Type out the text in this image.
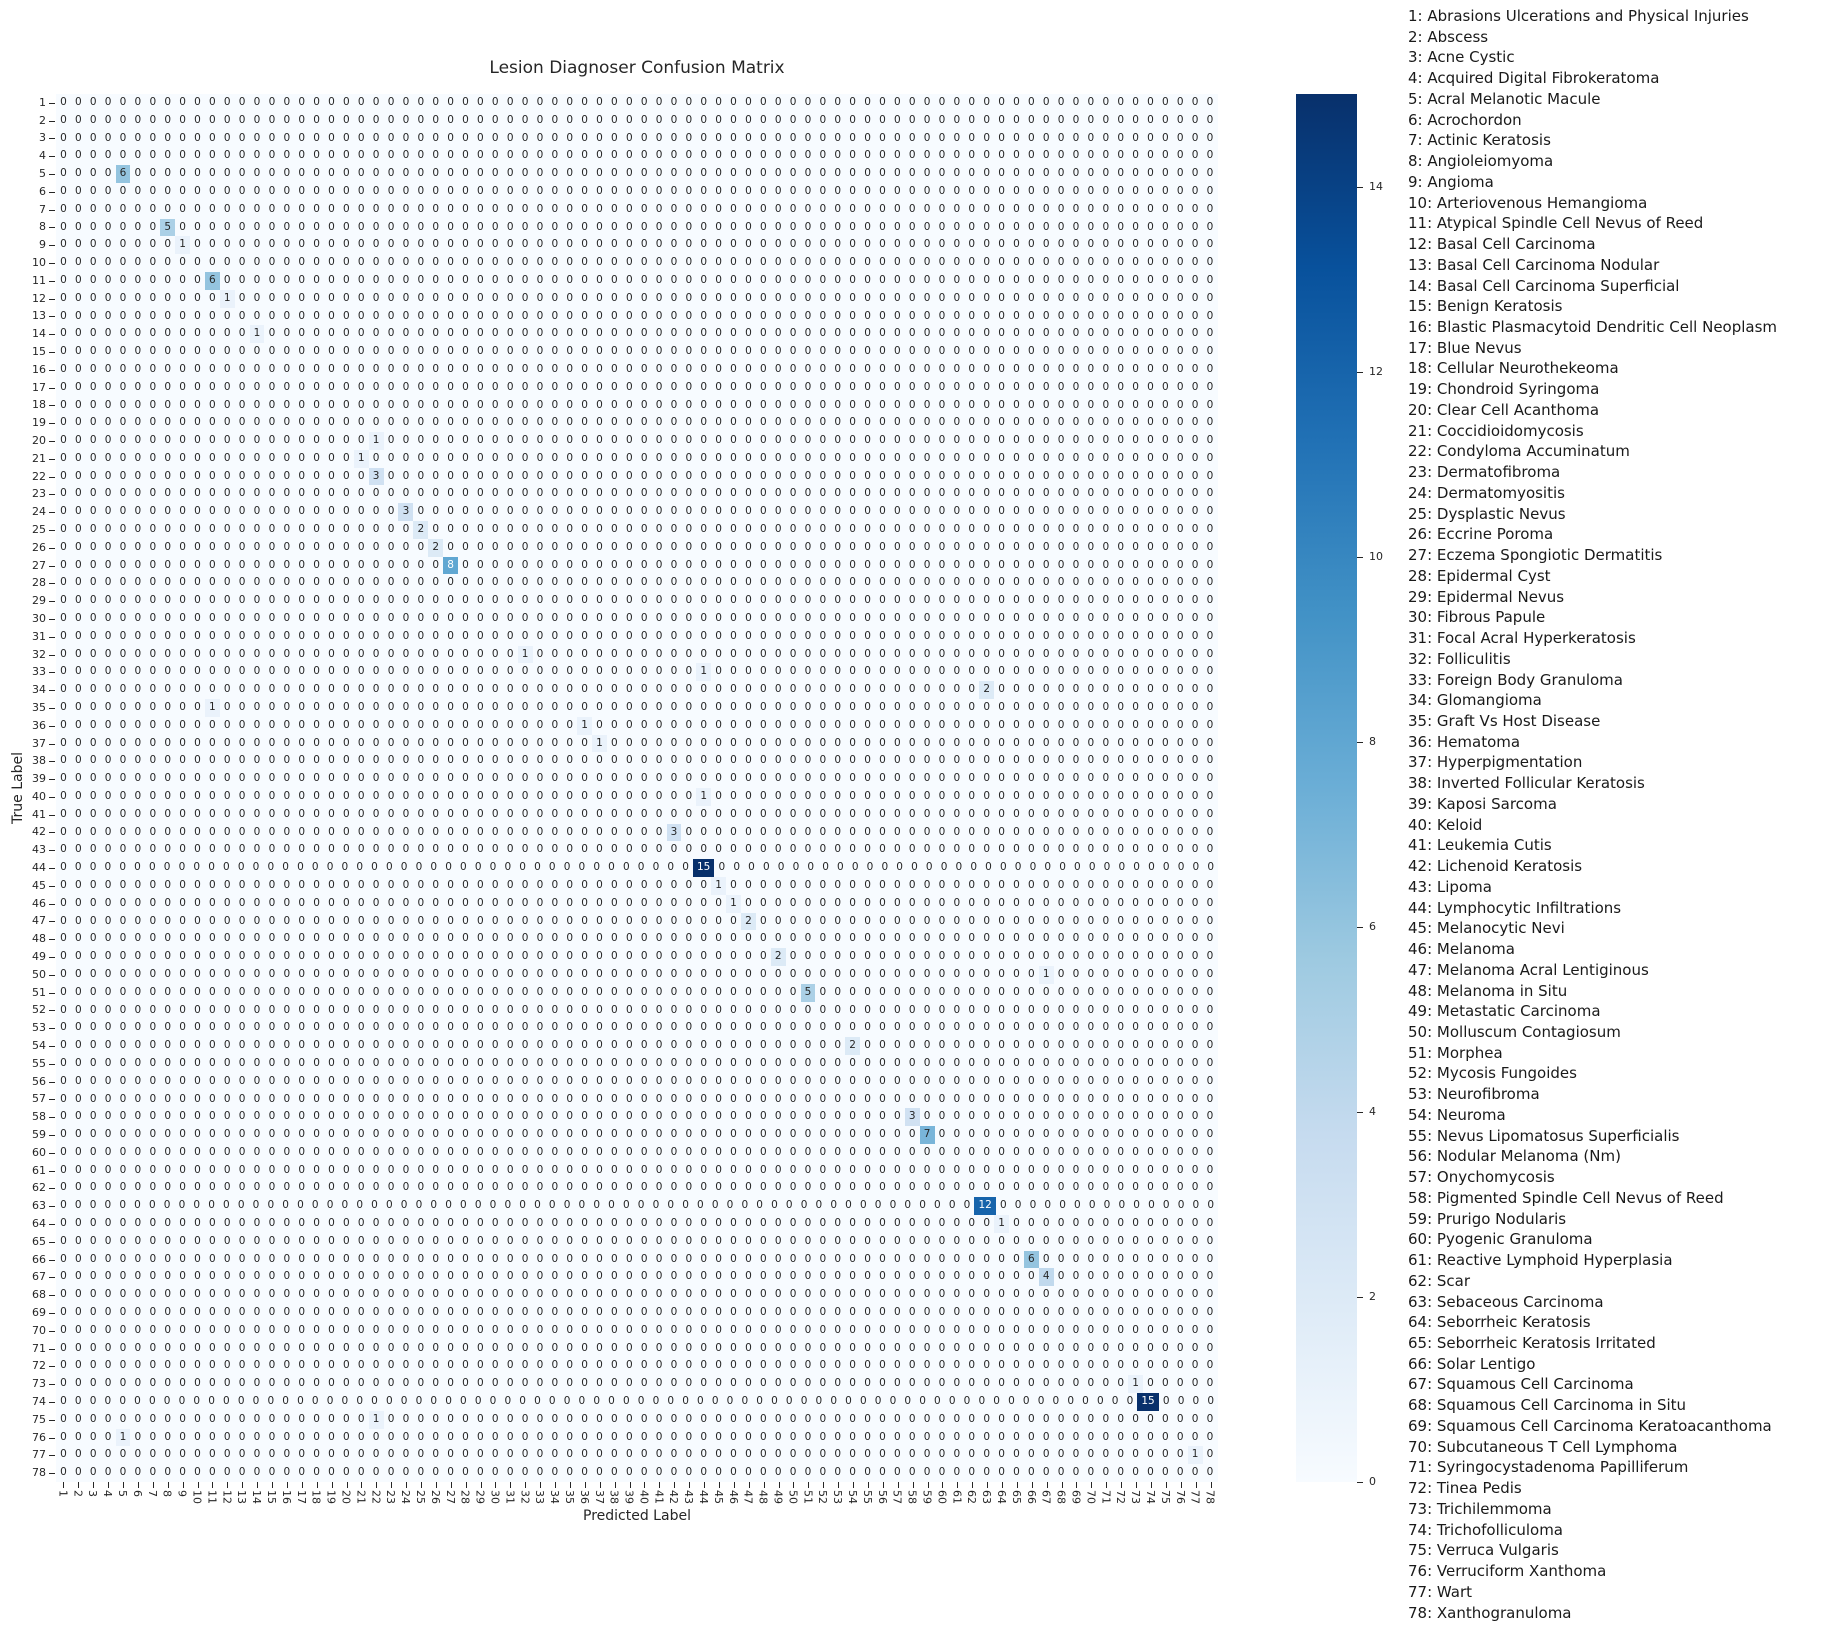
Lesion Diagnoser Confusion Matrix
True Label
0 0 0 0 0 0 0 0 0 0 0 0 0 0 0 0 0 0 0 0 0 0 0 0 0 0 0 0 0 0 0 0 0 0 0 0 0 0 0 0 0 0 0 0 0 0 0 0 0 0 0 0 0 0 0 0 0 0 0 0 0 0 0 0 0 0 0 0 0 0 0 0 0 0 0 0 0 0
0 0 0 0 0 0 0 0 0 0 0 0 0 0 0 0 0 0 0 0 0 0 0 0 0 0 0 0 0 0 0 0 0 0 0 0 0 0 0 0 0 0 0 0 0 0 0 0 0 0 0 0 0 0 0 0 0 0 0 0 0 0 0 0 0 0 0 0 0 0 0 0 0 0 0 0 0 0
0 0 0 0 0 0 0 0 0 0 0 0 0 0 0 0 0 0 0 0 0 0 0 0 0 0 0 0 0 0 0 0 0 0 0 0 0 0 0 0 0 0 0 0 0 0 0 0 0 0 0 0 0 0 0 0 0 0 0 0 0 0 0 0 0 0 0 0 0 0 0 0 0 0 0 0 0 0
0 0 0 0 0 0 0 0 0 0 0 0 0 0 0 0 0 0 0 0 0 0 0 0 0 0 0 0 0 0 0 0 0 0 0 0 0 0 0 0 0 0 0 0 0 0 0 0 0 0 0 0 0 0 0 0 0 0 0 0 0 0 0 0 0 0 0 0 0 0 0 0 0 0 0 0 0 0
0 0 0 0 6 0 0 0 0 0 0 0 0 0 0 0 0 0 0 0 0 0 0 0 0 0 0 0 0 0 0 0 0 0 0 0 0 0 0 0 0 0 0 0 0 0 0 0 0 0 0 0 0 0 0 0 0 0 0 0 0 0 0 0 0 0 0 0 0 0 0 0 0 0 0 0 0 0
0 0 0 0 0 0 0 0 0 0 0 0 0 0 0 0 0 0 0 0 0 0 0 0 0 0 0 0 0 0 0 0 0 0 0 0 0 0 0 0 0 0 0 0 0 0 0 0 0 0 0 0 0 0 0 0 0 0 0 0 0 0 0 0 0 0 0 0 0 0 0 0 0 0 0 0 0 0
0 0 0 0 0 0 0 0 0 0 0 0 0 0 0 0 0 0 0 0 0 0 0 0 0 0 0 0 0 0 0 0 0 0 0 0 0 0 0 0 0 0 0 0 0 0 0 0 0 0 0 0 0 0 0 0 0 0 0 0 0 0 0 0 0 0 0 0 0 0 0 0 0 0 0 0 0 0
0 0 0 0 0 0 0 5 0 0 0 0 0 0 0 0 0 0 0 0 0 0 0 0 0 0 0 0 0 0 0 0 0 0 0 0 0 0 0 0 0 0 0 0 0 0 0 0 0 0 0 0 0 0 0 0 0 0 0 0 0 0 0 0 0 0 0 0 0 0 0 0 0 0 0 0 0 0
0 0 0 0 0 0 0 0 1 0 0 0 0 0 0 0 0 0 0 0 0 0 0 0 0 0 0 0 0 0 0 0 0 0 0 0 0 0 0 0 0 0 0 0 0 0 0 0 0 0 0 0 0 0 0 0 0 0 0 0 0 0 0 0 0 0 0 0 0 0 0 0 0 0 0 0 0 0
0 0 0 0 0 0 0 0 0 0 0 0 0 0 0 0 0 0 0 0 0 0 0 0 0 0 0 0 0 0 0 0 0 0 0 0 0 0 0 0 0 0 0 0 0 0 0 0 0 0 0 0 0 0 0 0 0 0 0 0 0 0 0 0 0 0 0 0 0 0 0 0 0 0 0 0 0 0
0 0 0 0 0 0 0 0 0 0 6 0 0 0 0 0 0 0 0 0 0 0 0 0 0 0 0 0 0 0 0 0 0 0 0 0 0 0 0 0 0 0 0 0 0 0 0 0 0 0 0 0 0 0 0 0 0 0 0 0 0 0 0 0 0 0 0 0 0 0 0 0 0 0 0 0 0 0
0 0 0 0 0 0 0 0 0 0 0 1 0 0 0 0 0 0 0 0 0 0 0 0 0 0 0 0 0 0 0 0 0 0 0 0 0 0 0 0 0 0 0 0 0 0 0 0 0 0 0 0 0 0 0 0 0 0 0 0 0 0 0 0 0 0 0 0 0 0 0 0 0 0 0 0 0 0
0 0 0 0 0 0 0 0 0 0 0 0 0 0 0 0 0 0 0 0 0 0 0 0 0 0 0 0 0 0 0 0 0 0 0 0 0 0 0 0 0 0 0 0 0 0 0 0 0 0 0 0 0 0 0 0 0 0 0 0 0 0 0 0 0 0 0 0 0 0 0 0 0 0 0 0 0 0
0 0 0 0 0 0 0 0 0 0 0 0 0 1 0 0 0 0 0 0 0 0 0 0 0 0 0 0 0 0 0 0 0 0 0 0 0 0 0 0 0 0 0 0 0 0 0 0 0 0 0 0 0 0 0 0 0 0 0 0 0 0 0 0 0 0 0 0 0 0 0 0 0 0 0 0 0 0
0 0 0 0 0 0 0 0 0 0 0 0 0 0 0 0 0 0 0 0 0 0 0 0 0 0 0 0 0 0 0 0 0 0 0 0 0 0 0 0 0 0 0 0 0 0 0 0 0 0 0 0 0 0 0 0 0 0 0 0 0 0 0 0 0 0 0 0 0 0 0 0 0 0 0 0 0 0
0 0 0 0 0 0 0 0 0 0 0 0 0 0 0 0 0 0 0 0 0 0 0 0 0 0 0 0 0 0 0 0 0 0 0 0 0 0 0 0 0 0 0 0 0 0 0 0 0 0 0 0 0 0 0 0 0 0 0 0 0 0 0 0 0 0 0 0 0 0 0 0 0 0 0 0 0 0
0 0 0 0 0 0 0 0 0 0 0 0 0 0 0 0 0 0 0 0 0 0 0 0 0 0 0 0 0 0 0 0 0 0 0 0 0 0 0 0 0 0 0 0 0 0 0 0 0 0 0 0 0 0 0 0 0 0 0 0 0 0 0 0 0 0 0 0 0 0 0 0 0 0 0 0 0 0
0 0 0 0 0 0 0 0 0 0 0 0 0 0 0 0 0 0 0 0 0 0 0 0 0 0 0 0 0 0 0 0 0 0 0 0 0 0 0 0 0 0 0 0 0 0 0 0 0 0 0 0 0 0 0 0 0 0 0 0 0 0 0 0 0 0 0 0 0 0 0 0 0 0 0 0 0 0
0 0 0 0 0 0 0 0 0 0 0 0 0 0 0 0 0 0 0 0 0 0 0 0 0 0 0 0 0 0 0 0 0 0 0 0 0 0 0 0 0 0 0 0 0 0 0 0 0 0 0 0 0 0 0 0 0 0 0 0 0 0 0 0 0 0 0 0 0 0 0 0 0 0 0 0 0 0
0 0 0 0 0 0 0 0 0 0 0 0 0 0 0 0 0 0 0 0 0 1 0 0 0 0 0 0 0 0 0 0 0 0 0 0 0 0 0 0 0 0 0 0 0 0 0 0 0 0 0 0 0 0 0 0 0 0 0 0 0 0 0 0 0 0 0 0 0 0 0 0 0 0 0 0 0 0
0 0 0 0 0 0 0 0 0 0 0 0 0 0 0 0 0 0 0 0 1 0 0 0 0 0 0 0 0 0 0 0 0 0 0 0 0 0 0 0 0 0 0 0 0 0 0 0 0 0 0 0 0 0 0 0 0 0 0 0 0 0 0 0 0 0 0 0 0 0 0 0 0 0 0 0 0 0
0 0 0 0 0 0 0 0 0 0 0 0 0 0 0 0 0 0 0 0 0 3 0 0 0 0 0 0 0 0 0 0 0 0 0 0 0 0 0 0 0 0 0 0 0 0 0 0 0 0 0 0 0 0 0 0 0 0 0 0 0 0 0 0 0 0 0 0 0 0 0 0 0 0 0 0 0 0
0 0 0 0 0 0 0 0 0 0 0 0 0 0 0 0 0 0 0 0 0 0 0 0 0 0 0 0 0 0 0 0 0 0 0 0 0 0 0 0 0 0 0 0 0 0 0 0 0 0 0 0 0 0 0 0 0 0 0 0 0 0 0 0 0 0 0 0 0 0 0 0 0 0 0 0 0 0
0 0 0 0 0 0 0 0 0 0 0 0 0 0 0 0 0 0 0 0 0 0 0 3 0 0 0 0 0 0 0 0 0 0 0 0 0 0 0 0 0 0 0 0 0 0 0 0 0 0 0 0 0 0 0 0 0 0 0 0 0 0 0 0 0 0 0 0 0 0 0 0 0 0 0 0 0 0
0 0 0 0 0 0 0 0 0 0 0 0 0 0 0 0 0 0 0 0 0 0 0 0 2 0 0 0 0 0 0 0 0 0 0 0 0 0 0 0 0 0 0 0 0 0 0 0 0 0 0 0 0 0 0 0 0 0 0 0 0 0 0 0 0 0 0 0 0 0 0 0 0 0 0 0 0 0
0 0 0 0 0 0 0 0 0 0 0 0 0 0 0 0 0 0 0 0 0 0 0 0 0 2 0 0 0 0 0 0 0 0 0 0 0 0 0 0 0 0 0 0 0 0 0 0 0 0 0 0 0 0 0 0 0 0 0 0 0 0 0 0 0 0 0 0 0 0 0 0 0 0 0 0 0 0
0 0 0 0 0 0 0 0 0 0 0 0 0 0 0 0 0 0 0 0 0 0 0 0 0 0 8 0 0 0 0 0 0 0 0 0 0 0 0 0 0 0 0 0 0 0 0 0 0 0 0 0 0 0 0 0 0 0 0 0 0 0 0 0 0 0 0 0 0 0 0 0 0 0 0 0 0 0
0 0 0 0 0 0 0 0 0 0 0 0 0 0 0 0 0 0 0 0 0 0 0 0 0 0 0 0 0 0 0 0 0 0 0 0 0 0 0 0 0 0 0 0 0 0 0 0 0 0 0 0 0 0 0 0 0 0 0 0 0 0 0 0 0 0 0 0 0 0 0 0 0 0 0 0 0 0
0 0 0 0 0 0 0 0 0 0 0 0 0 0 0 0 0 0 0 0 0 0 0 0 0 0 0 0 0 0 0 0 0 0 0 0 0 0 0 0 0 0 0 0 0 0 0 0 0 0 0 0 0 0 0 0 0 0 0 0 0 0 0 0 0 0 0 0 0 0 0 0 0 0 0 0 0 0
0 0 0 0 0 0 0 0 0 0 0 0 0 0 0 0 0 0 0 0 0 0 0 0 0 0 0 0 0 0 0 0 0 0 0 0 0 0 0 0 0 0 0 0 0 0 0 0 0 0 0 0 0 0 0 0 0 0 0 0 0 0 0 0 0 0 0 0 0 0 0 0 0 0 0 0 0 0
0 0 0 0 0 0 0 0 0 0 0 0 0 0 0 0 0 0 0 0 0 0 0 0 0 0 0 0 0 0 0 0 0 0 0 0 0 0 0 0 0 0 0 0 0 0 0 0 0 0 0 0 0 0 0 0 0 0 0 0 0 0 0 0 0 0 0 0 0 0 0 0 0 0 0 0 0 0
0 0 0 0 0 0 0 0 0 0 0 0 0 0 0 0 0 0 0 0 0 0 0 0 0 0 0 0 0 0 0 1 0 0 0 0 0 0 0 0 0 0 0 0 0 0 0 0 0 0 0 0 0 0 0 0 0 0 0 0 0 0 0 0 0 0 0 0 0 0 0 0 0 0 0 0 0 0
0 0 0 0 0 0 0 0 0 0 0 0 0 0 0 0 0 0 0 0 0 0 0 0 0 0 0 0 0 0 0 0 0 0 0 0 0 0 0 0 0 0 0 1 0 0 0 0 0 0 0 0 0 0 0 0 0 0 0 0 0 0 0 0 0 0 0 0 0 0 0 0 0 0 0 0 0 0
0 0 0 0 0 0 0 0 0 0 0 0 0 0 0 0 0 0 0 0 0 0 0 0 0 0 0 0 0 0 0 0 0 0 0 0 0 0 0 0 0 0 0 0 0 0 0 0 0 0 0 0 0 0 0 0 0 0 0 0 0 0 2 0 0 0 0 0 0 0 0 0 0 0 0 0 0 0
0 0 0 0 0 0 0 0 0 0 1 0 0 0 0 0 0 0 0 0 0 0 0 0 0 0 0 0 0 0 0 0 0 0 0 0 0 0 0 0 0 0 0 0 0 0 0 0 0 0 0 0 0 0 0 0 0 0 0 0 0 0 0 0 0 0 0 0 0 0 0 0 0 0 0 0 0 0
0 0 0 0 0 0 0 0 0 0 0 0 0 0 0 0 0 0 0 0 0 0 0 0 0 0 0 0 0 0 0 0 0 0 0 1 0 0 0 0 0 0 0 0 0 0 0 0 0 0 0 0 0 0 0 0 0 0 0 0 0 0 0 0 0 0 0 0 0 0 0 0 0 0 0 0 0 0
0 0 0 0 0 0 0 0 0 0 0 0 0 0 0 0 0 0 0 0 0 0 0 0 0 0 0 0 0 0 0 0 0 0 0 0 1 0 0 0 0 0 0 0 0 0 0 0 0 0 0 0 0 0 0 0 0 0 0 0 0 0 0 0 0 0 0 0 0 0 0 0 0 0 0 0 0 0
0 0 0 0 0 0 0 0 0 0 0 0 0 0 0 0 0 0 0 0 0 0 0 0 0 0 0 0 0 0 0 0 0 0 0 0 0 0 0 0 0 0 0 0 0 0 0 0 0 0 0 0 0 0 0 0 0 0 0 0 0 0 0 0 0 0 0 0 0 0 0 0 0 0 0 0 0 0
0 0 0 0 0 0 0 0 0 0 0 0 0 0 0 0 0 0 0 0 0 0 0 0 0 0 0 0 0 0 0 0 0 0 0 0 0 0 0 0 0 0 0 0 0 0 0 0 0 0 0 0 0 0 0 0 0 0 0 0 0 0 0 0 0 0 0 0 0 0 0 0 0 0 0 0 0 0
0 0 0 0 0 0 0 0 0 0 0 0 0 0 0 0 0 0 0 0 0 0 0 0 0 0 0 0 0 0 0 0 0 0 0 0 0 0 0 0 0 0 0 1 0 0 0 0 0 0 0 0 0 0 0 0 0 0 0 0 0 0 0 0 0 0 0 0 0 0 0 0 0 0 0 0 0 0
0 0 0 0 0 0 0 0 0 0 0 0 0 0 0 0 0 0 0 0 0 0 0 0 0 0 0 0 0 0 0 0 0 0 0 0 0 0 0 0 0 0 0 0 0 0 0 0 0 0 0 0 0 0 0 0 0 0 0 0 0 0 0 0 0 0 0 0 0 0 0 0 0 0 0 0 0 0
0 0 0 0 0 0 0 0 0 0 0 0 0 0 0 0 0 0 0 0 0 0 0 0 0 0 0 0 0 0 0 0 0 0 0 0 0 0 0 0 0 3 0 0 0 0 0 0 0 0 0 0 0 0 0 0 0 0 0 0 0 0 0 0 0 0 0 0 0 0 0 0 0 0 0 0 0 0
0 0 0 0 0 0 0 0 0 0 0 0 0 0 0 0 0 0 0 0 0 0 0 0 0 0 0 0 0 0 0 0 0 0 0 0 0 0 0 0 0 0 0 0 0 0 0 0 0 0 0 0 0 0 0 0 0 0 0 0 0 0 0 0 0 0 0 0 0 0 0 0 0 0 0 0 0 0
0 0 0 0 0 0 0 0 0 0 0 0 0 0 0 0 0 0 0 0 0 0 0 0 0 0 0 0 0 0 0 0 0 0 0 0 0 0 0 0 0 0 0 15 0 0 0 0 0 0 0 0 0 0 0 0 0 0 0 0 0 0 0 0 0 0 0 0 0 0 0 0 0 0 0 0 0 0
0 0 0 0 0 0 0 0 0 0 0 0 0 0 0 0 0 0 0 0 0 0 0 0 0 0 0 0 0 0 0 0 0 0 0 0 0 0 0 0 0 0 0 0 1 0 0 0 0 0 0 0 0 0 0 0 0 0 0 0 0 0 0 0 0 0 0 0 0 0 0 0 0 0 0 0 0 0
0 0 0 0 0 0 0 0 0 0 0 0 0 0 0 0 0 0 0 0 0 0 0 0 0 0 0 0 0 0 0 0 0 0 0 0 0 0 0 0 0 0 0 0 0 1 0 0 0 0 0 0 0 0 0 0 0 0 0 0 0 0 0 0 0 0 0 0 0 0 0 0 0 0 0 0 0 0
0 0 0 0 0 0 0 0 0 0 0 0 0 0 0 0 0 0 0 0 0 0 0 0 0 0 0 0 0 0 0 0 0 0 0 0 0 0 0 0 0 0 0 0 0 0 2 0 0 0 0 0 0 0 0 0 0 0 0 0 0 0 0 0 0 0 0 0 0 0 0 0 0 0 0 0 0 0
0 0 0 0 0 0 0 0 0 0 0 0 0 0 0 0 0 0 0 0 0 0 0 0 0 0 0 0 0 0 0 0 0 0 0 0 0 0 0 0 0 0 0 0 0 0 0 0 0 0 0 0 0 0 0 0 0 0 0 0 0 0 0 0 0 0 0 0 0 0 0 0 0 0 0 0 0 0
0 0 0 0 0 0 0 0 0 0 0 0 0 0 0 0 0 0 0 0 0 0 0 0 0 0 0 0 0 0 0 0 0 0 0 0 0 0 0 0 0 0 0 0 0 0 0 0 2 0 0 0 0 0 0 0 0 0 0 0 0 0 0 0 0 0 0 0 0 0 0 0 0 0 0 0 0 0
0 0 0 0 0 0 0 0 0 0 0 0 0 0 0 0 0 0 0 0 0 0 0 0 0 0 0 0 0 0 0 0 0 0 0 0 0 0 0 0 0 0 0 0 0 0 0 0 0 0 0 0 0 0 0 0 0 0 0 0 0 0 0 0 0 0 1 0 0 0 0 0 0 0 0 0 0 0
0 0 0 0 0 0 0 0 0 0 0 0 0 0 0 0 0 0 0 0 0 0 0 0 0 0 0 0 0 0 0 0 0 0 0 0 0 0 0 0 0 0 0 0 0 0 0 0 0 0 5 0 0 0 0 0 0 0 0 0 0 0 0 0 0 0 0 0 0 0 0 0 0 0 0 0 0 0
0 0 0 0 0 0 0 0 0 0 0 0 0 0 0 0 0 0 0 0 0 0 0 0 0 0 0 0 0 0 0 0 0 0 0 0 0 0 0 0 0 0 0 0 0 0 0 0 0 0 0 0 0 0 0 0 0 0 0 0 0 0 0 0 0 0 0 0 0 0 0 0 0 0 0 0 0 0
0 0 0 0 0 0 0 0 0 0 0 0 0 0 0 0 0 0 0 0 0 0 0 0 0 0 0 0 0 0 0 0 0 0 0 0 0 0 0 0 0 0 0 0 0 0 0 0 0 0 0 0 0 0 0 0 0 0 0 0 0 0 0 0 0 0 0 0 0 0 0 0 0 0 0 0 0 0
0 0 0 0 0 0 0 0 0 0 0 0 0 0 0 0 0 0 0 0 0 0 0 0 0 0 0 0 0 0 0 0 0 0 0 0 0 0 0 0 0 0 0 0 0 0 0 0 0 0 0 0 0 2 0 0 0 0 0 0 0 0 0 0 0 0 0 0 0 0 0 0 0 0 0 0 0 0
0 0 0 0 0 0 0 0 0 0 0 0 0 0 0 0 0 0 0 0 0 0 0 0 0 0 0 0 0 0 0 0 0 0 0 0 0 0 0 0 0 0 0 0 0 0 0 0 0 0 0 0 0 0 0 0 0 0 0 0 0 0 0 0 0 0 0 0 0 0 0 0 0 0 0 0 0 0
0 0 0 0 0 0 0 0 0 0 0 0 0 0 0 0 0 0 0 0 0 0 0 0 0 0 0 0 0 0 0 0 0 0 0 0 0 0 0 0 0 0 0 0 0 0 0 0 0 0 0 0 0 0 0 0 0 0 0 0 0 0 0 0 0 0 0 0 0 0 0 0 0 0 0 0 0 0
0 0 0 0 0 0 0 0 0 0 0 0 0 0 0 0 0 0 0 0 0 0 0 0 0 0 0 0 0 0 0 0 0 0 0 0 0 0 0 0 0 0 0 0 0 0 0 0 0 0 0 0 0 0 0 0 0 0 0 0 0 0 0 0 0 0 0 0 0 0 0 0 0 0 0 0 0 0
0 0 0 0 0 0 0 0 0 0 0 0 0 0 0 0 0 0 0 0 0 0 0 0 0 0 0 0 0 0 0 0 0 0 0 0 0 0 0 0 0 0 0 0 0 0 0 0 0 0 0 0 0 0 0 0 0 3 0 0 0 0 0 0 0 0 0 0 0 0 0 0 0 0 0 0 0 0
0 0 0 0 0 0 0 0 0 0 0 0 0 0 0 0 0 0 0 0 0 0 0 0 0 0 0 0 0 0 0 0 0 0 0 0 0 0 0 0 0 0 0 0 0 0 0 0 0 0 0 0 0 0 0 0 0 0 7 0 0 0 0 0 0 0 0 0 0 0 0 0 0 0 0 0 0 0
0 0 0 0 0 0 0 0 0 0 0 0 0 0 0 0 0 0 0 0 0 0 0 0 0 0 0 0 0 0 0 0 0 0 0 0 0 0 0 0 0 0 0 0 0 0 0 0 0 0 0 0 0 0 0 0 0 0 0 0 0 0 0 0 0 0 0 0 0 0 0 0 0 0 0 0 0 0
0 0 0 0 0 0 0 0 0 0 0 0 0 0 0 0 0 0 0 0 0 0 0 0 0 0 0 0 0 0 0 0 0 0 0 0 0 0 0 0 0 0 0 0 0 0 0 0 0 0 0 0 0 0 0 0 0 0 0 0 0 0 0 0 0 0 0 0 0 0 0 0 0 0 0 0 0 0
0 0 0 0 0 0 0 0 0 0 0 0 0 0 0 0 0 0 0 0 0 0 0 0 0 0 0 0 0 0 0 0 0 0 0 0 0 0 0 0 0 0 0 0 0 0 0 0 0 0 0 0 0 0 0 0 0 0 0 0 0 0 0 0 0 0 0 0 0 0 0 0 0 0 0 0 0 0
0 0 0 0 0 0 0 0 0 0 0 0 0 0 0 0 0 0 0 0 0 0 0 0 0 0 0 0 0 0 0 0 0 0 0 0 0 0 0 0 0 0 0 0 0 0 0 0 0 0 0 0 0 0 0 0 0 0 0 0 0 0 12 0 0 0 0 0 0 0 0 0 0 0 0 0 0 0
0 0 0 0 0 0 0 0 0 0 0 0 0 0 0 0 0 0 0 0 0 0 0 0 0 0 0 0 0 0 0 0 0 0 0 0 0 0 0 0 0 0 0 0 0 0 0 0 0 0 0 0 0 0 0 0 0 0 0 0 0 0 0 1 0 0 0 0 0 0 0 0 0 0 0 0 0 0
0 0 0 0 0 0 0 0 0 0 0 0 0 0 0 0 0 0 0 0 0 0 0 0 0 0 0 0 0 0 0 0 0 0 0 0 0 0 0 0 0 0 0 0 0 0 0 0 0 0 0 0 0 0 0 0 0 0 0 0 0 0 0 0 0 0 0 0 0 0 0 0 0 0 0 0 0 0
0 0 0 0 0 0 0 0 0 0 0 0 0 0 0 0 0 0 0 0 0 0 0 0 0 0 0 0 0 0 0 0 0 0 0 0 0 0 0 0 0 0 0 0 0 0 0 0 0 0 0 0 0 0 0 0 0 0 0 0 0 0 0 0 0 6 0 0 0 0 0 0 0 0 0 0 0 0
0 0 0 0 0 0 0 0 0 0 0 0 0 0 0 0 0 0 0 0 0 0 0 0 0 0 0 0 0 0 0 0 0 0 0 0 0 0 0 0 0 0 0 0 0 0 0 0 0 0 0 0 0 0 0 0 0 0 0 0 0 0 0 0 0 0 4 0 0 0 0 0 0 0 0 0 0 0
0 0 0 0 0 0 0 0 0 0 0 0 0 0 0 0 0 0 0 0 0 0 0 0 0 0 0 0 0 0 0 0 0 0 0 0 0 0 0 0 0 0 0 0 0 0 0 0 0 0 0 0 0 0 0 0 0 0 0 0 0 0 0 0 0 0 0 0 0 0 0 0 0 0 0 0 0 0
0 0 0 0 0 0 0 0 0 0 0 0 0 0 0 0 0 0 0 0 0 0 0 0 0 0 0 0 0 0 0 0 0 0 0 0 0 0 0 0 0 0 0 0 0 0 0 0 0 0 0 0 0 0 0 0 0 0 0 0 0 0 0 0 0 0 0 0 0 0 0 0 0 0 0 0 0 0
0 0 0 0 0 0 0 0 0 0 0 0 0 0 0 0 0 0 0 0 0 0 0 0 0 0 0 0 0 0 0 0 0 0 0 0 0 0 0 0 0 0 0 0 0 0 0 0 0 0 0 0 0 0 0 0 0 0 0 0 0 0 0 0 0 0 0 0 0 0 0 0 0 0 0 0 0 0
0 0 0 0 0 0 0 0 0 0 0 0 0 0 0 0 0 0 0 0 0 0 0 0 0 0 0 0 0 0 0 0 0 0 0 0 0 0 0 0 0 0 0 0 0 0 0 0 0 0 0 0 0 0 0 0 0 0 0 0 0 0 0 0 0 0 0 0 0 0 0 0 0 0 0 0 0 0
0 0 0 0 0 0 0 0 0 0 0 0 0 0 0 0 0 0 0 0 0 0 0 0 0 0 0 0 0 0 0 0 0 0 0 0 0 0 0 0 0 0 0 0 0 0 0 0 0 0 0 0 0 0 0 0 0 0 0 0 0 0 0 0 0 0 0 0 0 0 0 0 0 0 0 0 0 0
0 0 0 0 0 0 0 0 0 0 0 0 0 0 0 0 0 0 0 0 0 0 0 0 0 0 0 0 0 0 0 0 0 0 0 0 0 0 0 0 0 0 0 0 0 0 0 0 0 0 0 0 0 0 0 0 0 0 0 0 0 0 0 0 0 0 0 0 0 0 0 0 1 0 0 0 0 0
0 0 0 0 0 0 0 0 0 0 0 0 0 0 0 0 0 0 0 0 0 0 0 0 0 0 0 0 0 0 0 0 0 0 0 0 0 0 0 0 0 0 0 0 0 0 0 0 0 0 0 0 0 0 0 0 0 0 0 0 0 0 0 0 0 0 0 0 0 0 0 0 0 15 0 0 0 0
0 0 0 0 0 0 0 0 0 0 0 0 0 0 0 0 0 0 0 0 0 1 0 0 0 0 0 0 0 0 0 0 0 0 0 0 0 0 0 0 0 0 0 0 0 0 0 0 0 0 0 0 0 0 0 0 0 0 0 0 0 0 0 0 0 0 0 0 0 0 0 0 0 0 0 0 0 0
0 0 0 0 1 0 0 0 0 0 0 0 0 0 0 0 0 0 0 0 0 0 0 0 0 0 0 0 0 0 0 0 0 0 0 0 0 0 0 0 0 0 0 0 0 0 0 0 0 0 0 0 0 0 0 0 0 0 0 0 0 0 0 0 0 0 0 0 0 0 0 0 0 0 0 0 0 0
0 0 0 0 0 0 0 0 0 0 0 0 0 0 0 0 0 0 0 0 0 0 0 0 0 0 0 0 0 0 0 0 0 0 0 0 0 0 0 0 0 0 0 0 0 0 0 0 0 0 0 0 0 0 0 0 0 0 0 0 0 0 0 0 0 0 0 0 0 0 0 0 0 0 0 0 1 0
0 0 0 0 0 0 0 0 0 0 0 0 0 0 0 0 0 0 0 0 0 0 0 0 0 0 0 0 0 0 0 0 0 0 0 0 0 0 0 0 0 0 0 0 0 0 0 0 0 0 0 0 0 0 0 0 0 0 0 0 0 0 0 0 0 0 0 0 0 0 0 0 0 0 0 0 0 0
1
2
3
4
5
6
7
8
9
10
11
12
13
14
15
16
17
18
19
20
21
22
23
24
25
26
27
28
29
30
31
32
33
34
35
36
37
38
39
40
41
42
43
44
45
46
47
48
49
50
51
52
53
54
55
56
57
58
59
60
61
62
63
64
65
66
67
68
69
70
71
72
73
74
75
76
77
78
1 2 3 4 5 6 7 8 9 10 11 12 13 14 15 16 17 18 19 20 21 22 23 24 25 26 27 28 29 30 31 32 33 34 35 36 37 38 39 40 41 42 43 44 45 46 47 48 49 50 51 52 53 54 55 56 57 58 59 60 61 62 63 64 65 66 67 68 69 70 71 72 73 74 75 76 77 78
Predicted Label
0
2
4
6
8
10
12
14
1: Abrasions Ulcerations and Physical Injuries
2: Abscess
3: Acne Cystic
4: Acquired Digital Fibrokeratoma
5: Acral Melanotic Macule
6: Acrochordon
7: Actinic Keratosis
8: Angioleiomyoma
9: Angioma
10: Arteriovenous Hemangioma
11: Atypical Spindle Cell Nevus of Reed
12: Basal Cell Carcinoma
13: Basal Cell Carcinoma Nodular
14: Basal Cell Carcinoma Superficial
15: Benign Keratosis
16: Blastic Plasmacytoid Dendritic Cell Neoplasm
17: Blue Nevus
18: Cellular Neurothekeoma
19: Chondroid Syringoma
20: Clear Cell Acanthoma
21: Coccidioidomycosis
22: Condyloma Accuminatum
23: Dermatofibroma
24: Dermatomyositis
25: Dysplastic Nevus
26: Eccrine Poroma
27: Eczema Spongiotic Dermatitis
28: Epidermal Cyst
29: Epidermal Nevus
30: Fibrous Papule
31: Focal Acral Hyperkeratosis
32: Folliculitis
33: Foreign Body Granuloma
34: Glomangioma
35: Graft Vs Host Disease
36: Hematoma
37: Hyperpigmentation
38: Inverted Follicular Keratosis
39: Kaposi Sarcoma
40: Keloid
41: Leukemia Cutis
42: Lichenoid Keratosis
43: Lipoma
44: Lymphocytic Infiltrations
45: Melanocytic Nevi
46: Melanoma
47: Melanoma Acral Lentiginous
48: Melanoma in Situ
49: Metastatic Carcinoma
50: Molluscum Contagiosum
51: Morphea
52: Mycosis Fungoides
53: Neurofibroma
54: Neuroma
55: Nevus Lipomatosus Superficialis
56: Nodular Melanoma (Nm)
57: Onychomycosis
58: Pigmented Spindle Cell Nevus of Reed
59: Prurigo Nodularis
60: Pyogenic Granuloma
61: Reactive Lymphoid Hyperplasia
62: Scar
63: Sebaceous Carcinoma
64: Seborrheic Keratosis
65: Seborrheic Keratosis Irritated
66: Solar Lentigo
67: Squamous Cell Carcinoma
68: Squamous Cell Carcinoma in Situ
69: Squamous Cell Carcinoma Keratoacanthoma
70: Subcutaneous T Cell Lymphoma
71: Syringocystadenoma Papilliferum
72: Tinea Pedis
73: Trichilemmoma
74: Trichofolliculoma
75: Verruca Vulgaris
76: Verruciform Xanthoma
77: Wart
78: Xanthogranuloma
